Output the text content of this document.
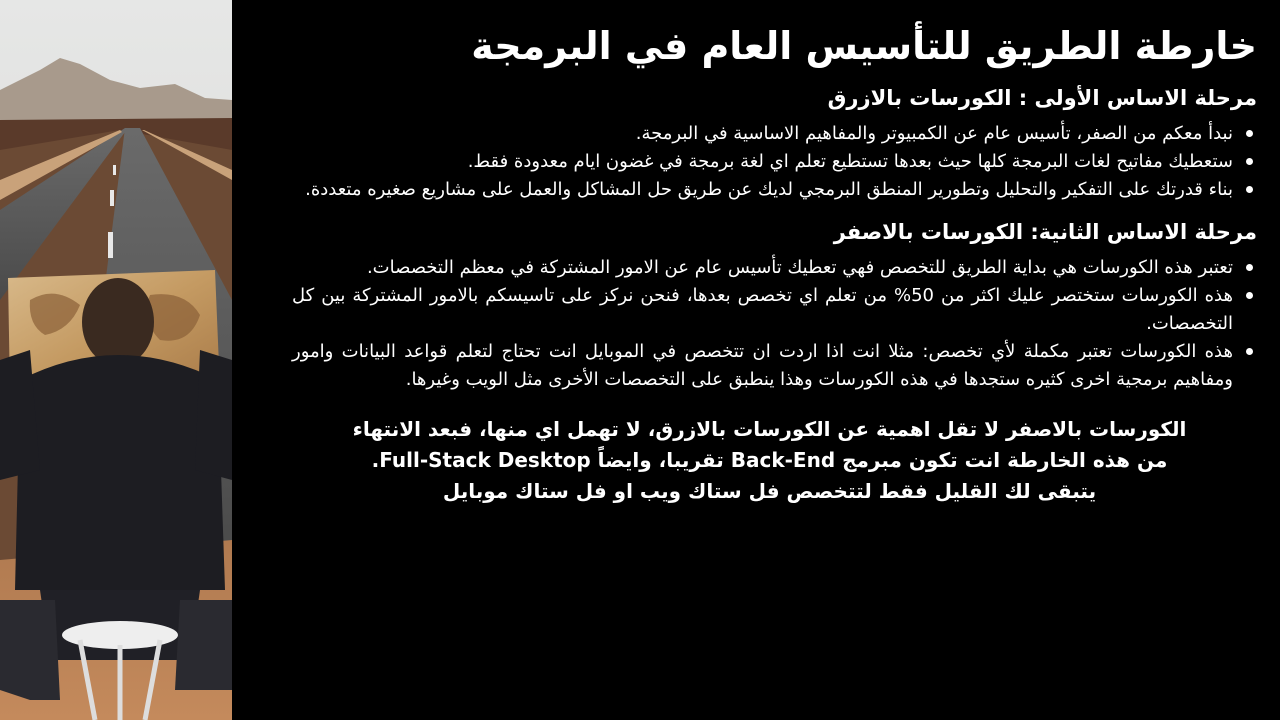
خارطة الطريق للتأسيس العام في البرمجة
مرحلة الاساس الأولى : الكورسات بالازرق
نبدأ معكم من الصفر، تأسيس عام عن الكمبيوتر والمفاهيم الاساسية في البرمجة.
ستعطيك مفاتيح لغات البرمجة كلها حيث بعدها تستطيع تعلم اي لغة برمجة في غضون ايام معدودة فقط.
بناء قدرتك على التفكير والتحليل وتطورير المنطق البرمجي لديك عن طريق حل المشاكل والعمل على مشاريع صغيره متعددة.
مرحلة الاساس الثانية: الكورسات بالاصفر
تعتبر هذه الكورسات هي بداية الطريق للتخصص فهي تعطيك تأسيس عام عن الامور المشتركة في معظم التخصصات.
هذه الكورسات ستختصر عليك اكثر من 50% من تعلم اي تخصص بعدها، فنحن نركز على تاسيسكم بالامور المشتركة بين كل التخصصات.
هذه الكورسات تعتبر مكملة لأي تخصص: مثلا انت اذا اردت ان تتخصص في الموبايل انت تحتاج لتعلم قواعد البيانات وامور ومفاهيم برمجية اخرى كثيره ستجدها في هذه الكورسات وهذا ينطبق على التخصصات الأخرى مثل الويب وغيرها.
الكورسات بالاصفر لا تقل اهمية عن الكورسات بالازرق، لا تهمل اي منها، فبعد الانتهاء
من هذه الخارطة انت تكون مبرمج Back-End تقريبا، وايضاً Full-Stack Desktop.
يتبقى لك القليل فقط لتتخصص فل ستاك ويب او فل ستاك موبايل
